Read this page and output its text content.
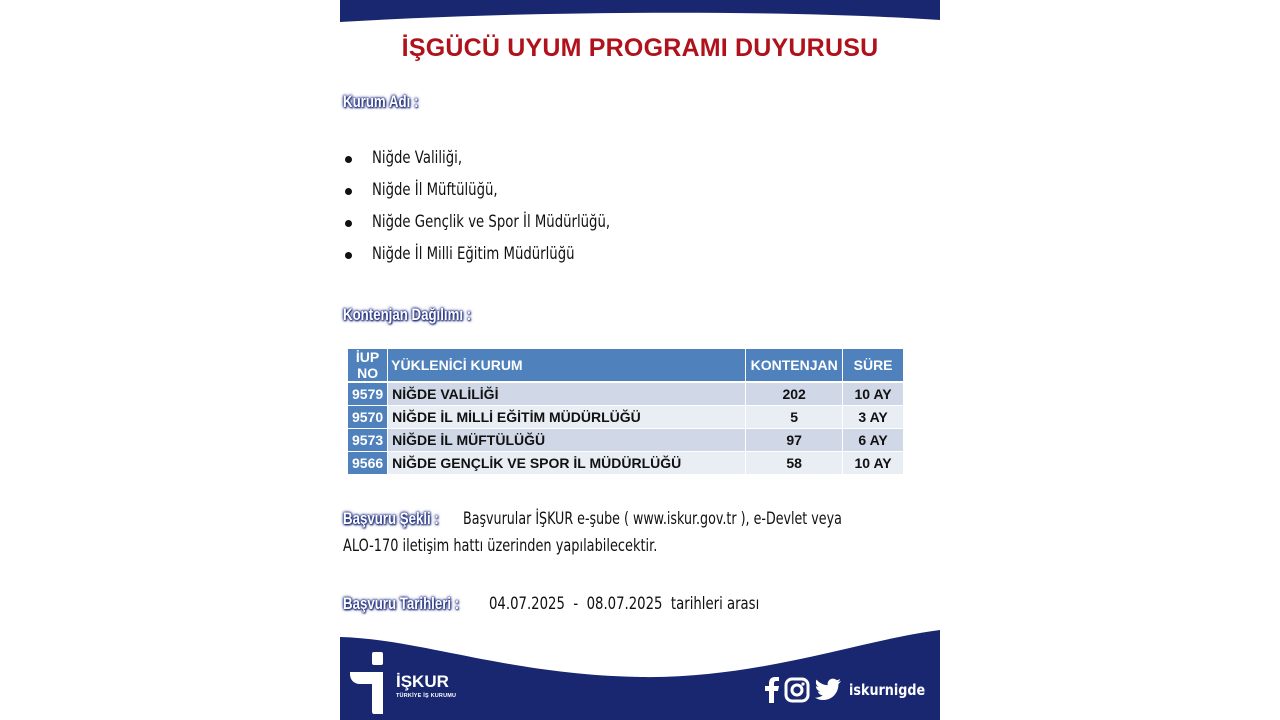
İŞGÜCÜ UYUM PROGRAMI DUYURUSU
Kurum Adı :
Niğde Valiliği,
Niğde İl Müftülüğü,
Niğde Gençlik ve Spor İl Müdürlüğü,
Niğde İl Milli Eğitim Müdürlüğü
Kontenjan Dağılımı :
İUP NO	YÜKLENİCİ KURUM	KONTENJAN	SÜRE
9579	NİĞDE VALİLİĞİ	202	10 AY
9570	NİĞDE İL MİLLİ EĞİTİM MÜDÜRLÜĞÜ	5	3 AY
9573	NİĞDE İL MÜFTÜLÜĞÜ	97	6 AY
9566	NİĞDE GENÇLİK VE SPOR İL MÜDÜRLÜĞÜ	58	10 AY
Başvuru Şekli :	Başvurular İŞKUR e-şube ( www.iskur.gov.tr ), e-Devlet veya
ALO-170 iletişim hattı üzerinden yapılabilecektir.
Başvuru Tarihleri :	04.07.2025  -  08.07.2025  tarihleri arası
İŞKUR
TÜRKİYE İŞ KURUMU	iskurnigde
